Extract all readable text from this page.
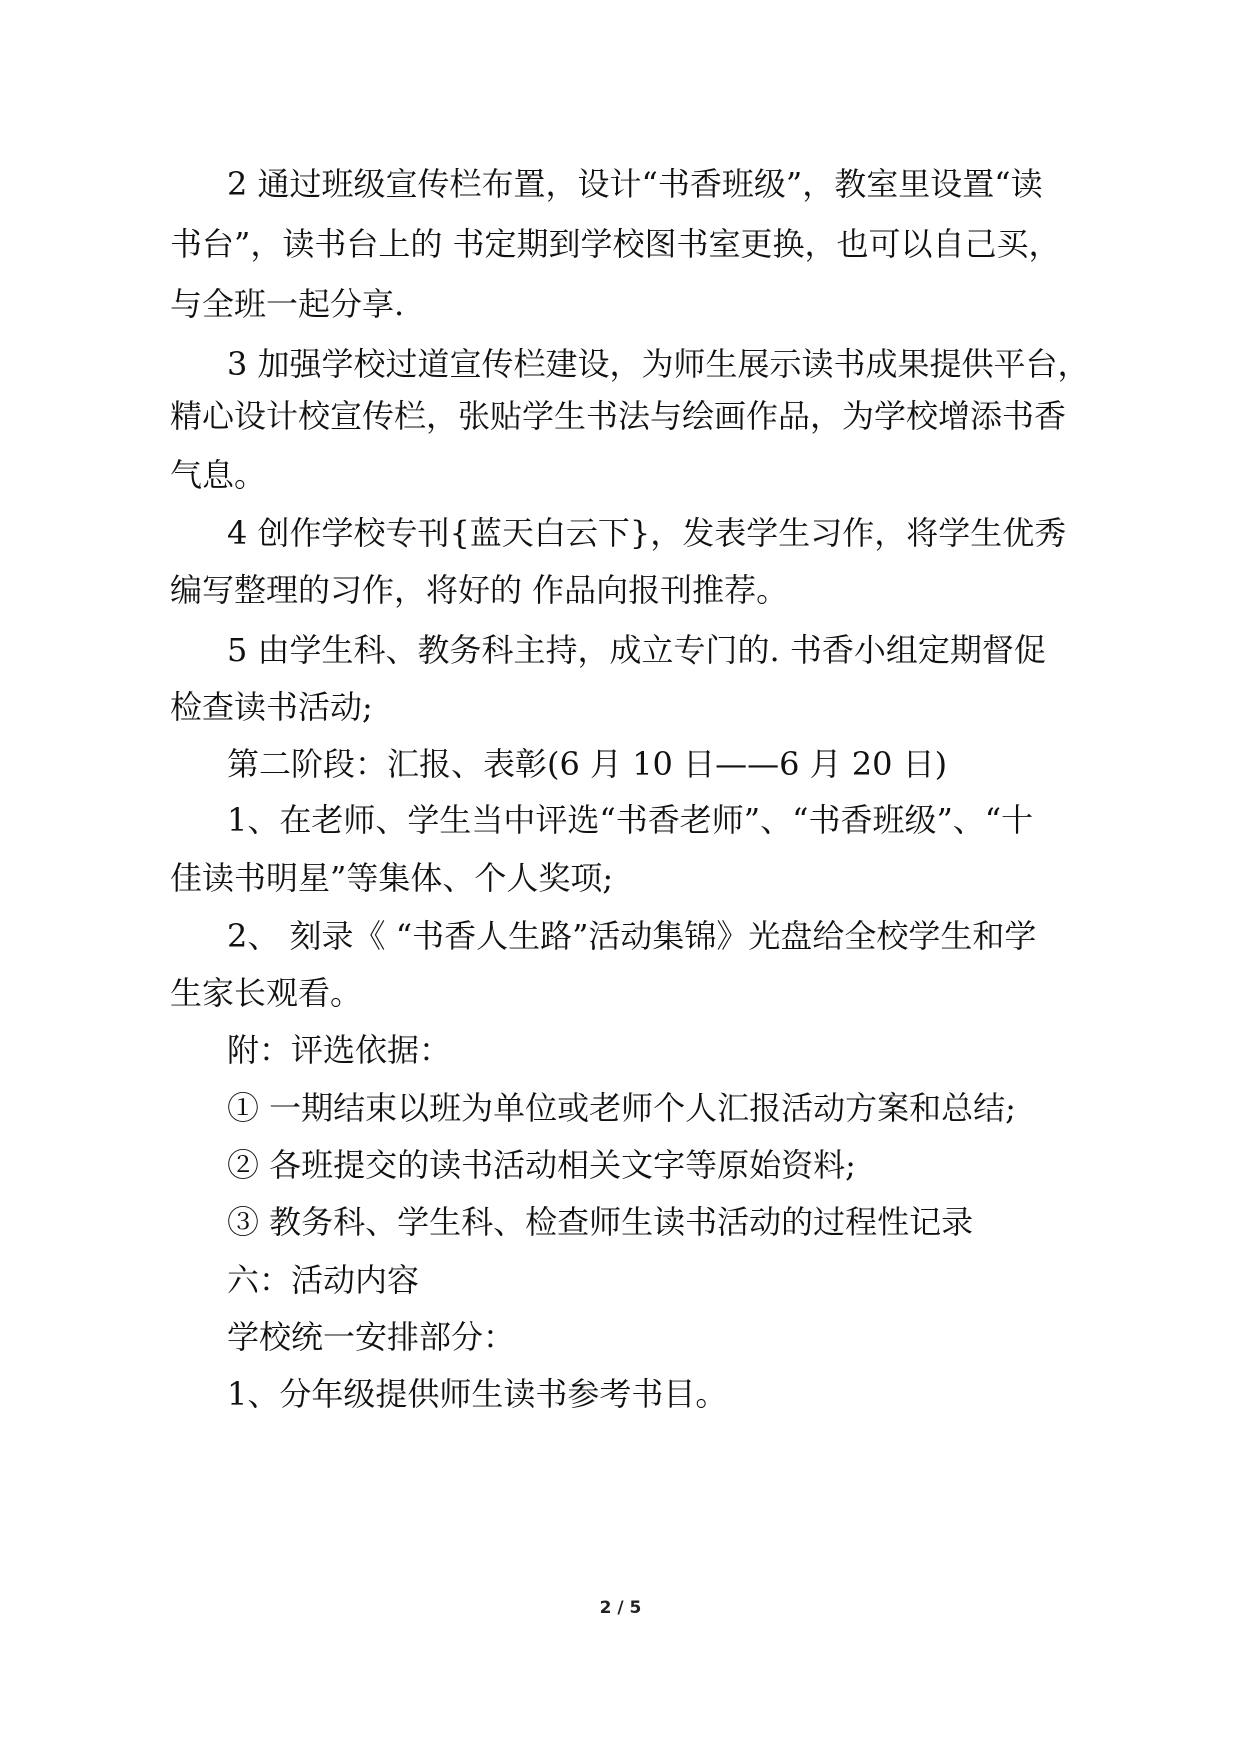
2 通过班级宣传栏布置，设计“书香班级”，教室里设置“读
书台”，读书台上的 书定期到学校图书室更换，也可以自己买，
与全班一起分享.
3 加强学校过道宣传栏建设，为师生展示读书成果提供平台，
精心设计校宣传栏，张贴学生书法与绘画作品，为学校增添书香
气息。
4 创作学校专刊{蓝天白云下}，发表学生习作，将学生优秀
编写整理的习作，将好的 作品向报刊推荐。
5 由学生科、教务科主持，成立专门的. 书香小组定期督促
检查读书活动;
第二阶段：汇报、表彰(6 月 10 日——6 月 20 日)
1、在老师、学生当中评选“书香老师”、“书香班级”、“十
佳读书明星”等集体、个人奖项;
2、 刻录《 “书香人生路”活动集锦》光盘给全校学生和学
生家长观看。
附：评选依据：
① 一期结束以班为单位或老师个人汇报活动方案和总结;
② 各班提交的读书活动相关文字等原始资料;
③ 教务科、学生科、检查师生读书活动的过程性记录
六：活动内容
学校统一安排部分：
1、分年级提供师生读书参考书目。
2 / 5
